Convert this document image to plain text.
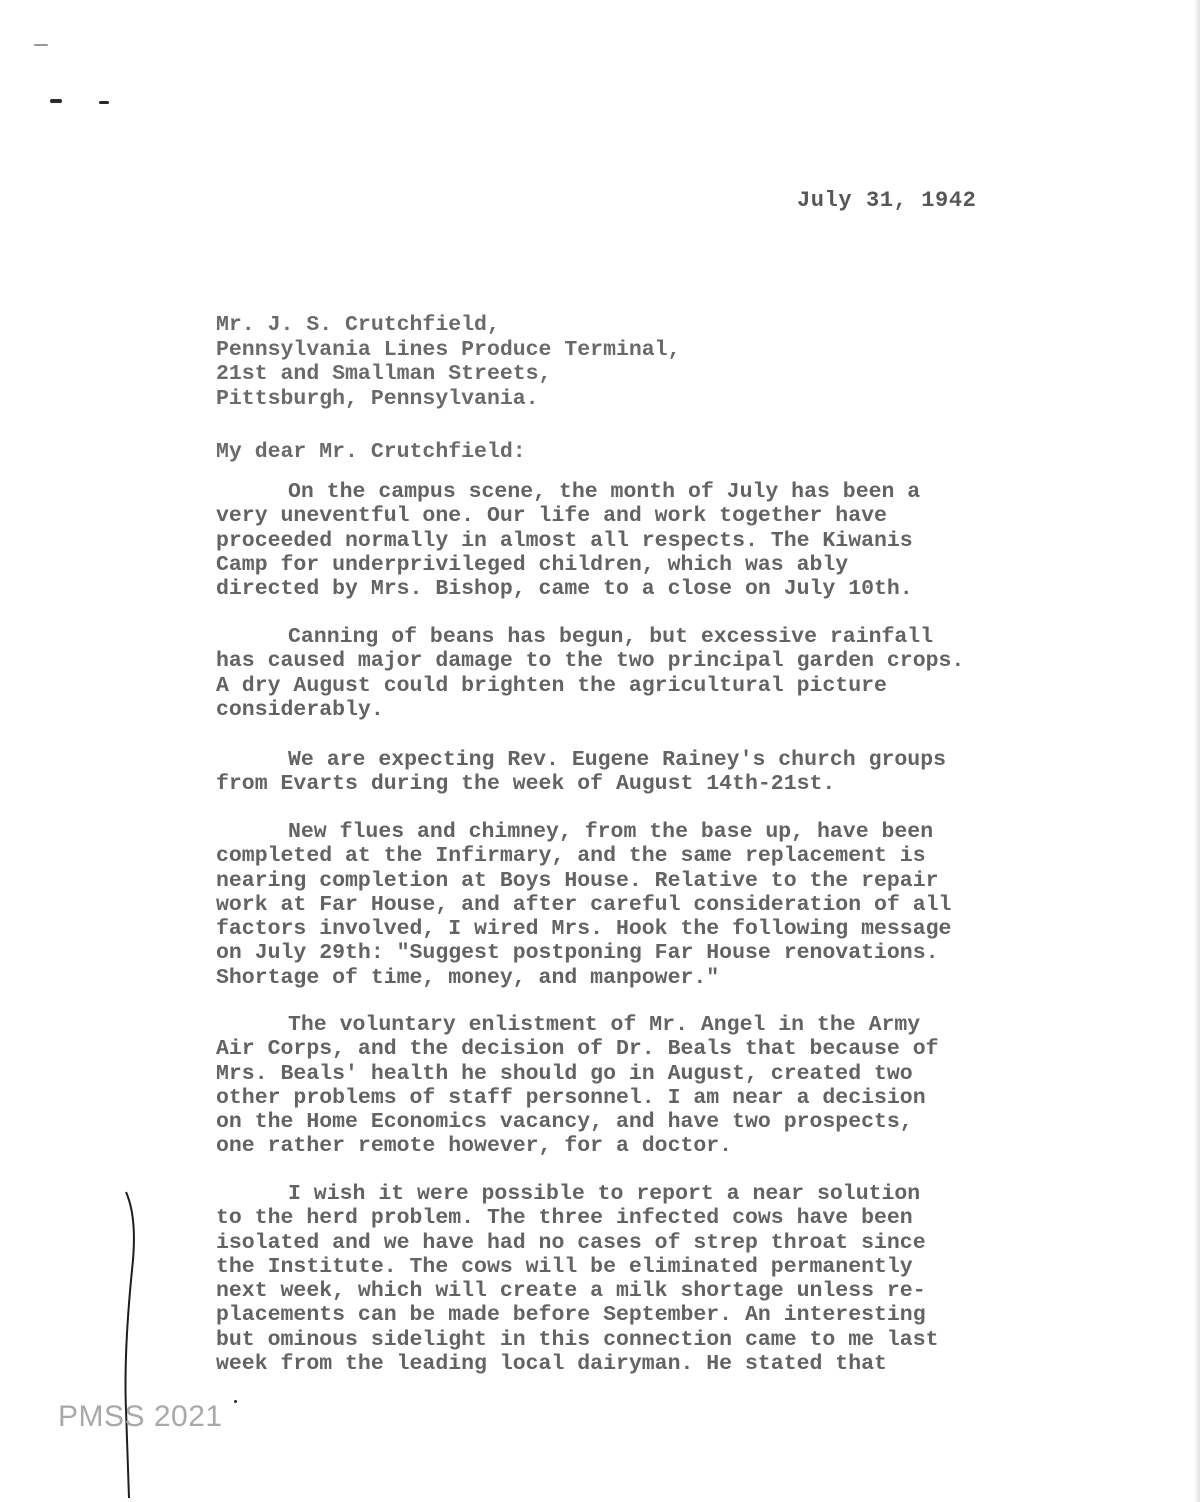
July 31, 1942
Mr. J. S. Crutchfield,
Pennsylvania Lines Produce Terminal,
21st and Smallman Streets,
Pittsburgh, Pennsylvania.
My dear Mr. Crutchfield:
On the campus scene, the month of July has been a
very uneventful one. Our life and work together have
proceeded normally in almost all respects. The Kiwanis
Camp for underprivileged children, which was ably
directed by Mrs. Bishop, came to a close on July 10th.
Canning of beans has begun, but excessive rainfall
has caused major damage to the two principal garden crops.
A dry August could brighten the agricultural picture
considerably.
We are expecting Rev. Eugene Rainey's church groups
from Evarts during the week of August 14th-21st.
New flues and chimney, from the base up, have been
completed at the Infirmary, and the same replacement is
nearing completion at Boys House. Relative to the repair
work at Far House, and after careful consideration of all
factors involved, I wired Mrs. Hook the following message
on July 29th: "Suggest postponing Far House renovations.
Shortage of time, money, and manpower."
The voluntary enlistment of Mr. Angel in the Army
Air Corps, and the decision of Dr. Beals that because of
Mrs. Beals' health he should go in August, created two
other problems of staff personnel. I am near a decision
on the Home Economics vacancy, and have two prospects,
one rather remote however, for a doctor.
I wish it were possible to report a near solution
to the herd problem. The three infected cows have been
isolated and we have had no cases of strep throat since
the Institute. The cows will be eliminated permanently
next week, which will create a milk shortage unless re-
placements can be made before September. An interesting
but ominous sidelight in this connection came to me last
week from the leading local dairyman. He stated that
PMSS 2021
